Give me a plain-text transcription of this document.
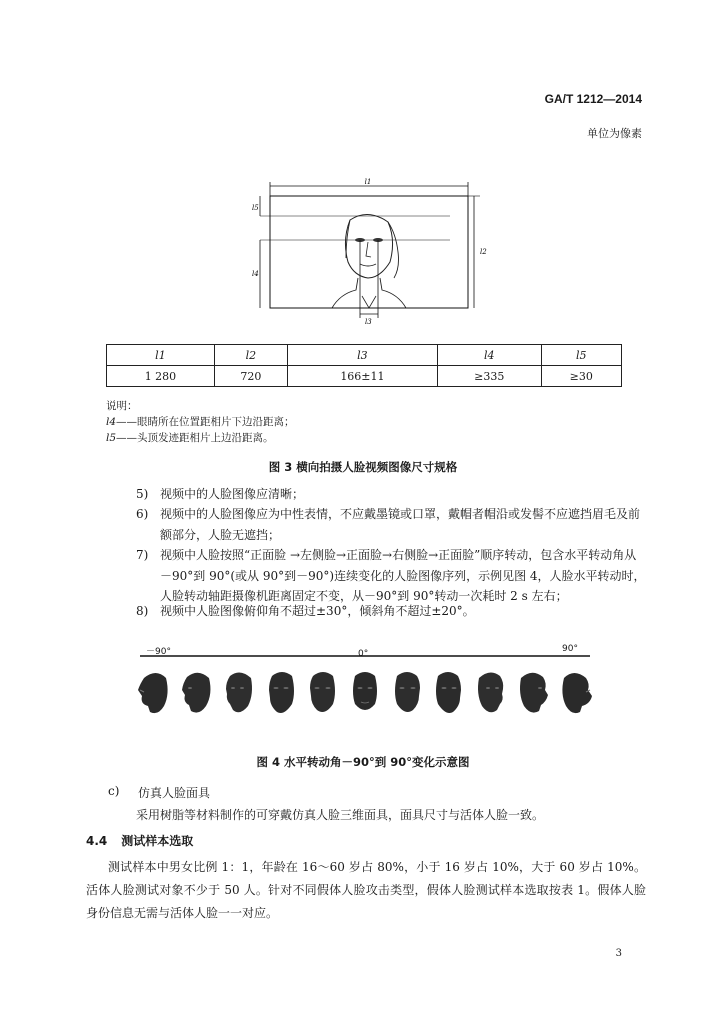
GA/T 1212—2014
单位为像素
l1
l2
l5
l4
l3
l1	l2	l3	l4	l5
1 280	720	166±11	≥335	≥30
说明：
l4——眼睛所在位置距相片下边沿距离；
l5——头顶发迹距相片上边沿距离。
图 3 横向拍摄人脸视频图像尺寸规格
5) 视频中的人脸图像应清晰；
6) 视频中的人脸图像应为中性表情，不应戴墨镜或口罩，戴帽者帽沿或发髻不应遮挡眉毛及前额部分，人脸无遮挡；
7) 视频中人脸按照“正面脸 →左侧脸→正面脸→右侧脸→正面脸”顺序转动，包含水平转动角从－90°到 90°(或从 90°到－90°)连续变化的人脸图像序列，示例见图 4，人脸水平转动时，人脸转动轴距摄像机距离固定不变，从－90°到 90°转动一次耗时 2 s 左右；
8) 视频中人脸图像俯仰角不超过±30°，倾斜角不超过±20°。
－90°	0°	90°
图 4 水平转动角－90°到 90°变化示意图
c) 仿真人脸面具
采用树脂等材料制作的可穿戴仿真人脸三维面具，面具尺寸与活体人脸一致。
4.4 测试样本选取
测试样本中男女比例 1：1，年龄在 16～60 岁占 80%，小于 16 岁占 10%，大于 60 岁占 10%。活体人脸测试对象不少于 50 人。针对不同假体人脸攻击类型，假体人脸测试样本选取按表 1。假体人脸身份信息无需与活体人脸一一对应。
3
